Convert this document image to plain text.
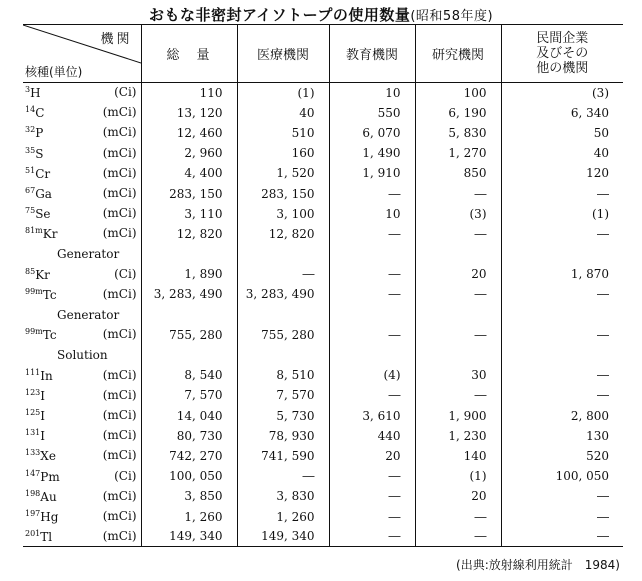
おもな非密封アイソトープの使用数量(昭和58年度)
機関
核種(単位)	総　量	医療機関	教育機関	研究機関	民間企業
及びその
他の機関
$^3$H (Ci)	110	(1)	10	100	(3)
$^{14}$C (mCi)	13, 120	40	550	6, 190	6, 340
$^{32}$P (mCi)	12, 460	510	6, 070	5, 830	50
$^{35}$S (mCi)	2, 960	160	1, 490	1, 270	40
$^{51}$Cr (mCi)	4, 400	1, 520	1, 910	850	120
$^{67}$Ga (mCi)	283, 150	283, 150	―	―	―
$^{75}$Se (mCi)	3, 110	3, 100	10	(3)	(1)
$^{81m}$Kr (mCi)	12, 820	12, 820	―	―	―
Generator					
$^{85}$Kr (Ci)	1, 890	―	―	20	1, 870
$^{99m}$Tc (mCi)	3, 283, 490	3, 283, 490	―	―	―
Generator					
$^{99m}$Tc (mCi)	755, 280	755, 280	―	―	―
Solution					
$^{111}$In (mCi)	8, 540	8, 510	(4)	30	―
$^{123}$I (mCi)	7, 570	7, 570	―	―	―
$^{125}$I (mCi)	14, 040	5, 730	3, 610	1, 900	2, 800
$^{131}$I (mCi)	80, 730	78, 930	440	1, 230	130
$^{133}$Xe (mCi)	742, 270	741, 590	20	140	520
$^{147}$Pm (Ci)	100, 050	―	―	(1)	100, 050
$^{198}$Au (mCi)	3, 850	3, 830	―	20	―
$^{197}$Hg (mCi)	1, 260	1, 260	―	―	―
$^{201}$Tl (mCi)	149, 340	149, 340	―	―	―
(出典:放射線利用統計　1984)
